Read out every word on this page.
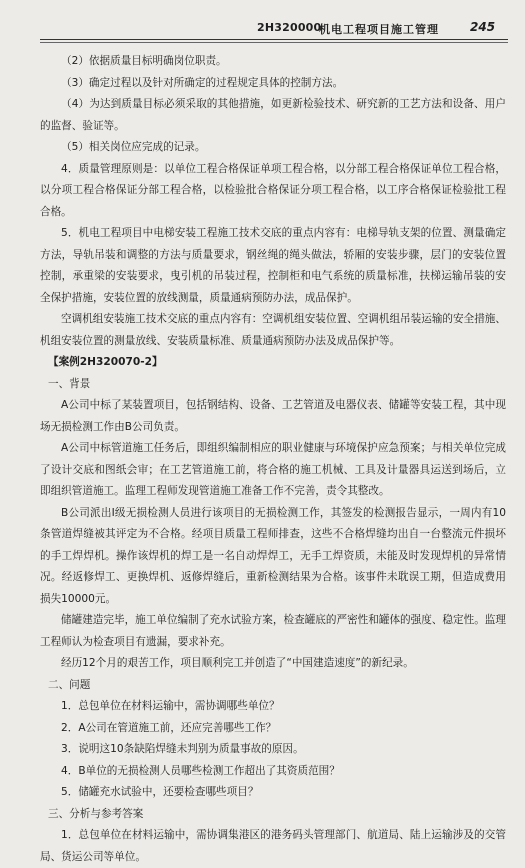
2H320000
机电工程项目施工管理	245

（2）依据质量目标明确岗位职责。

（3）确定过程以及针对所确定的过程规定具体的控制方法。

（4）为达到质量目标必须采取的其他措施，如更新检验技术、研究新的工艺方法和设备、用户的监督、验证等。

（5）相关岗位应完成的记录。

4．质量管理原则是：以单位工程合格保证单项工程合格，以分部工程合格保证单位工程合格，以分项工程合格保证分部工程合格，以检验批合格保证分项工程合格，以工序合格保证检验批工程合格。

5．机电工程项目中电梯安装工程施工技术交底的重点内容有：电梯导轨支架的位置、测量确定方法，导轨吊装和调整的方法与质量要求，钢丝绳的绳头做法，轿厢的安装步骤，层门的安装位置控制，承重梁的安装要求，曳引机的吊装过程，控制柜和电气系统的质量标准，扶梯运输吊装的安全保护措施，安装位置的放线测量，质量通病预防办法，成品保护。

空调机组安装施工技术交底的重点内容有：空调机组安装位置、空调机组吊装运输的安全措施、机组安装位置的测量放线、安装质量标准、质量通病预防办法及成品保护等。

【案例2H320070-2】

一、背景

A公司中标了某装置项目，包括钢结构、设备、工艺管道及电器仪表、储罐等安装工程，其中现场无损检测工作由B公司负责。

A公司中标管道施工任务后，即组织编制相应的职业健康与环境保护应急预案；与相关单位完成了设计交底和图纸会审；在工艺管道施工前，将合格的施工机械、工具及计量器具运送到场后，立即组织管道施工。监理工程师发现管道施工准备工作不完善，责令其整改。

B公司派出Ⅰ级无损检测人员进行该项目的无损检测工作，其签发的检测报告显示，一周内有10条管道焊缝被其评定为不合格。经项目质量工程师排查，这些不合格焊缝均出自一台整流元件损坏的手工焊焊机。操作该焊机的焊工是一名自动焊焊工，无手工焊资质，未能及时发现焊机的异常情况。经返修焊工、更换焊机、返修焊缝后，重新检测结果为合格。该事件未耽误工期，但造成费用损失10000元。

储罐建造完毕，施工单位编制了充水试验方案，检查罐底的严密性和罐体的强度、稳定性。监理工程师认为检查项目有遗漏，要求补充。

经历12个月的艰苦工作，项目顺利完工并创造了“中国建造速度”的新纪录。

二、问题

1．总包单位在材料运输中，需协调哪些单位？

2．A公司在管道施工前，还应完善哪些工作？

3．说明这10条缺陷焊缝未判别为质量事故的原因。

4．B单位的无损检测人员哪些检测工作超出了其资质范围？

5．储罐充水试验中，还要检查哪些项目？

三、分析与参考答案

1．总包单位在材料运输中，需协调集港区的港务码头管理部门、航道局、陆上运输涉及的交管局、货运公司等单位。
